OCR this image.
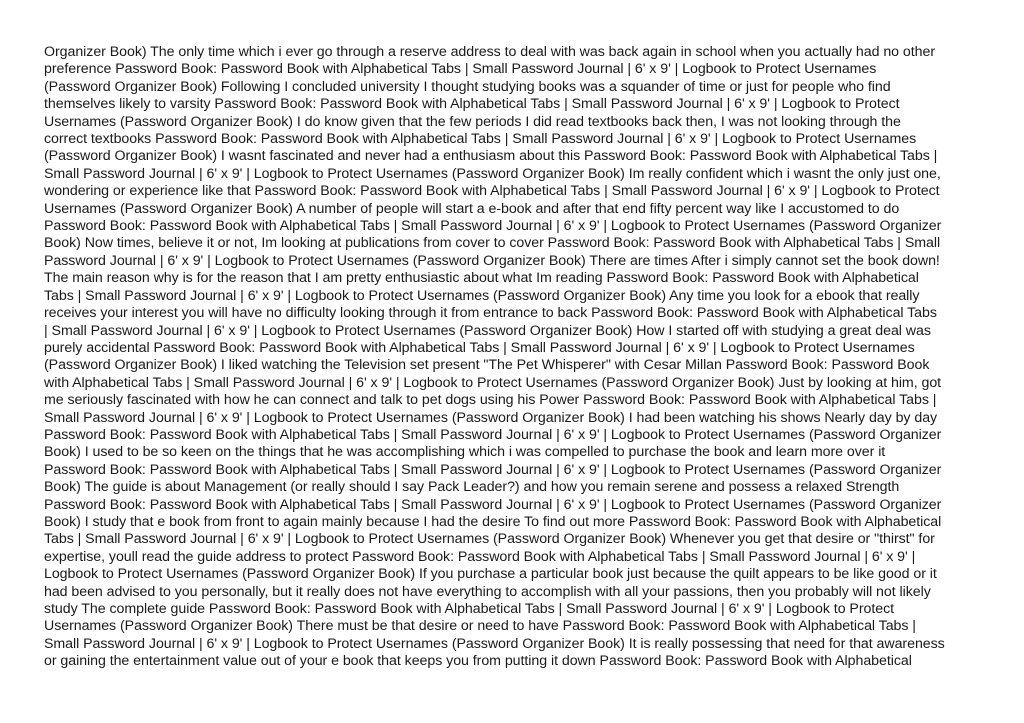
Organizer Book) The only time which i ever go through a reserve address to deal with was back again in school when you actually had no other
preference Password Book: Password Book with Alphabetical Tabs | Small Password Journal | 6' x 9' | Logbook to Protect Usernames
(Password Organizer Book) Following I concluded university I thought studying books was a squander of time or just for people who find
themselves likely to varsity Password Book: Password Book with Alphabetical Tabs | Small Password Journal | 6' x 9' | Logbook to Protect
Usernames (Password Organizer Book) I do know given that the few periods I did read textbooks back then, I was not looking through the
correct textbooks Password Book: Password Book with Alphabetical Tabs | Small Password Journal | 6' x 9' | Logbook to Protect Usernames
(Password Organizer Book) I wasnt fascinated and never had a enthusiasm about this Password Book: Password Book with Alphabetical Tabs |
Small Password Journal | 6' x 9' | Logbook to Protect Usernames (Password Organizer Book) Im really confident which i wasnt the only just one,
wondering or experience like that Password Book: Password Book with Alphabetical Tabs | Small Password Journal | 6' x 9' | Logbook to Protect
Usernames (Password Organizer Book) A number of people will start a e-book and after that end fifty percent way like I accustomed to do
Password Book: Password Book with Alphabetical Tabs | Small Password Journal | 6' x 9' | Logbook to Protect Usernames (Password Organizer
Book) Now times, believe it or not, Im looking at publications from cover to cover Password Book: Password Book with Alphabetical Tabs | Small
Password Journal | 6' x 9' | Logbook to Protect Usernames (Password Organizer Book) There are times After i simply cannot set the book down!
The main reason why is for the reason that I am pretty enthusiastic about what Im reading Password Book: Password Book with Alphabetical
Tabs | Small Password Journal | 6' x 9' | Logbook to Protect Usernames (Password Organizer Book) Any time you look for a ebook that really
receives your interest you will have no difficulty looking through it from entrance to back Password Book: Password Book with Alphabetical Tabs
| Small Password Journal | 6' x 9' | Logbook to Protect Usernames (Password Organizer Book) How I started off with studying a great deal was
purely accidental Password Book: Password Book with Alphabetical Tabs | Small Password Journal | 6' x 9' | Logbook to Protect Usernames
(Password Organizer Book) I liked watching the Television set present "The Pet Whisperer" with Cesar Millan Password Book: Password Book
with Alphabetical Tabs | Small Password Journal | 6' x 9' | Logbook to Protect Usernames (Password Organizer Book) Just by looking at him, got
me seriously fascinated with how he can connect and talk to pet dogs using his Power Password Book: Password Book with Alphabetical Tabs |
Small Password Journal | 6' x 9' | Logbook to Protect Usernames (Password Organizer Book) I had been watching his shows Nearly day by day
Password Book: Password Book with Alphabetical Tabs | Small Password Journal | 6' x 9' | Logbook to Protect Usernames (Password Organizer
Book) I used to be so keen on the things that he was accomplishing which i was compelled to purchase the book and learn more over it
Password Book: Password Book with Alphabetical Tabs | Small Password Journal | 6' x 9' | Logbook to Protect Usernames (Password Organizer
Book) The guide is about Management (or really should I say Pack Leader?) and how you remain serene and possess a relaxed Strength
Password Book: Password Book with Alphabetical Tabs | Small Password Journal | 6' x 9' | Logbook to Protect Usernames (Password Organizer
Book) I study that e book from front to again mainly because I had the desire To find out more Password Book: Password Book with Alphabetical
Tabs | Small Password Journal | 6' x 9' | Logbook to Protect Usernames (Password Organizer Book) Whenever you get that desire or "thirst" for
expertise, youll read the guide address to protect Password Book: Password Book with Alphabetical Tabs | Small Password Journal | 6' x 9' |
Logbook to Protect Usernames (Password Organizer Book) If you purchase a particular book just because the quilt appears to be like good or it
had been advised to you personally, but it really does not have everything to accomplish with all your passions, then you probably will not likely
study The complete guide Password Book: Password Book with Alphabetical Tabs | Small Password Journal | 6' x 9' | Logbook to Protect
Usernames (Password Organizer Book) There must be that desire or need to have Password Book: Password Book with Alphabetical Tabs |
Small Password Journal | 6' x 9' | Logbook to Protect Usernames (Password Organizer Book) It is really possessing that need for that awareness
or gaining the entertainment value out of your e book that keeps you from putting it down Password Book: Password Book with Alphabetical
